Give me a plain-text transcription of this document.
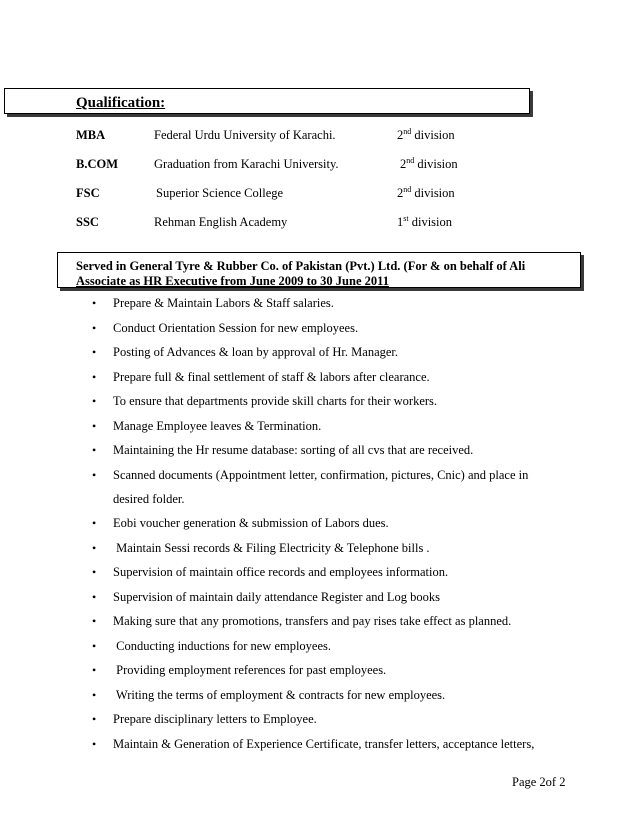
Qualification:
MBA	Federal Urdu University of Karachi.	2nd division
B.COM	Graduation from Karachi University.	2nd division
FSC	Superior Science College	2nd division
SSC	Rehman English Academy	1st division
Served in General Tyre & Rubber Co. of Pakistan (Pvt.) Ltd. (For & on behalf of Ali
Associate as HR Executive from June 2009 to 30 June 2011
• Prepare & Maintain Labors & Staff salaries.
• Conduct Orientation Session for new employees.
• Posting of Advances & loan by approval of Hr. Manager.
• Prepare full & final settlement of staff & labors after clearance.
• To ensure that departments provide skill charts for their workers.
• Manage Employee leaves & Termination.
• Maintaining the Hr resume database: sorting of all cvs that are received.
• Scanned documents (Appointment letter, confirmation, pictures, Cnic) and place in
desired folder.
• Eobi voucher generation & submission of Labors dues.
• Maintain Sessi records & Filing Electricity & Telephone bills .
• Supervision of maintain office records and employees information.
• Supervision of maintain daily attendance Register and Log books
• Making sure that any promotions, transfers and pay rises take effect as planned.
• Conducting inductions for new employees.
• Providing employment references for past employees.
• Writing the terms of employment & contracts for new employees.
• Prepare disciplinary letters to Employee.
• Maintain & Generation of Experience Certificate, transfer letters, acceptance letters,
Page 2of 2
